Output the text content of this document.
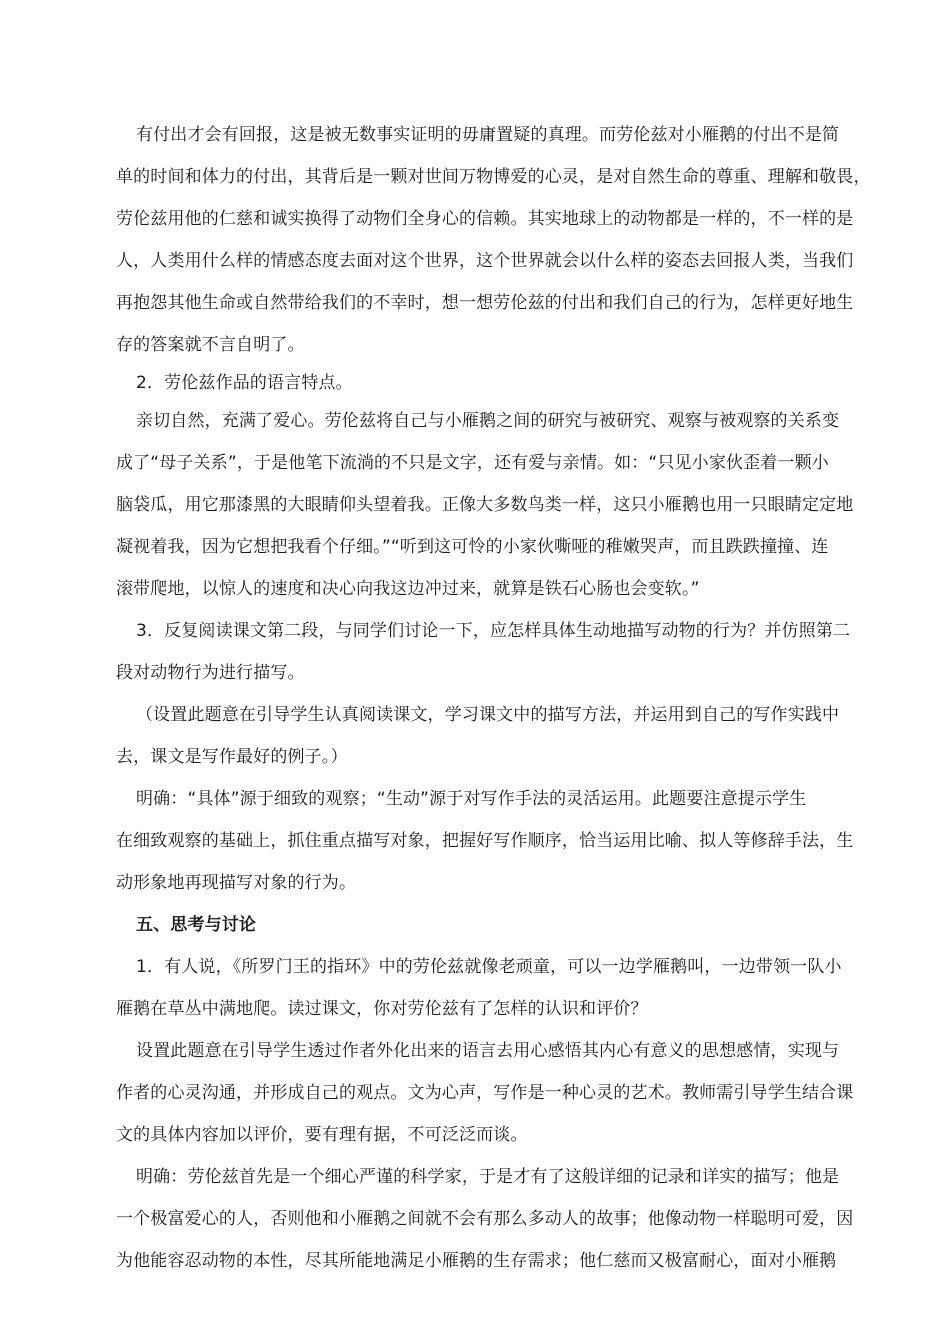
有付出才会有回报，这是被无数事实证明的毋庸置疑的真理。而劳伦兹对小雁鹅的付出不是简
单的时间和体力的付出，其背后是一颗对世间万物博爱的心灵，是对自然生命的尊重、理解和敬畏，
劳伦兹用他的仁慈和诚实换得了动物们全身心的信赖。其实地球上的动物都是一样的，不一样的是
人，人类用什么样的情感态度去面对这个世界，这个世界就会以什么样的姿态去回报人类，当我们
再抱怨其他生命或自然带给我们的不幸时，想一想劳伦兹的付出和我们自己的行为，怎样更好地生
存的答案就不言自明了。
2．劳伦兹作品的语言特点。
亲切自然，充满了爱心。劳伦兹将自己与小雁鹅之间的研究与被研究、观察与被观察的关系变
成了“母子关系”，于是他笔下流淌的不只是文字，还有爱与亲情。如：“只见小家伙歪着一颗小
脑袋瓜，用它那漆黑的大眼睛仰头望着我。正像大多数鸟类一样，这只小雁鹅也用一只眼睛定定地
凝视着我，因为它想把我看个仔细。”“听到这可怜的小家伙嘶哑的稚嫩哭声，而且跌跌撞撞、连
滚带爬地，以惊人的速度和决心向我这边冲过来，就算是铁石心肠也会变软。”
3．反复阅读课文第二段，与同学们讨论一下，应怎样具体生动地描写动物的行为？并仿照第二
段对动物行为进行描写。
（设置此题意在引导学生认真阅读课文，学习课文中的描写方法，并运用到自己的写作实践中
去，课文是写作最好的例子。）
明确：“具体”源于细致的观察；“生动”源于对写作手法的灵活运用。此题要注意提示学生
在细致观察的基础上，抓住重点描写对象，把握好写作顺序，恰当运用比喻、拟人等修辞手法，生
动形象地再现描写对象的行为。
五、思考与讨论
1．有人说，《所罗门王的指环》中的劳伦兹就像老顽童，可以一边学雁鹅叫，一边带领一队小
雁鹅在草丛中满地爬。读过课文，你对劳伦兹有了怎样的认识和评价？
设置此题意在引导学生透过作者外化出来的语言去用心感悟其内心有意义的思想感情，实现与
作者的心灵沟通，并形成自己的观点。文为心声，写作是一种心灵的艺术。教师需引导学生结合课
文的具体内容加以评价，要有理有据，不可泛泛而谈。
明确：劳伦兹首先是一个细心严谨的科学家，于是才有了这般详细的记录和详实的描写；他是
一个极富爱心的人，否则他和小雁鹅之间就不会有那么多动人的故事；他像动物一样聪明可爱，因
为他能容忍动物的本性，尽其所能地满足小雁鹅的生存需求；他仁慈而又极富耐心，面对小雁鹅
